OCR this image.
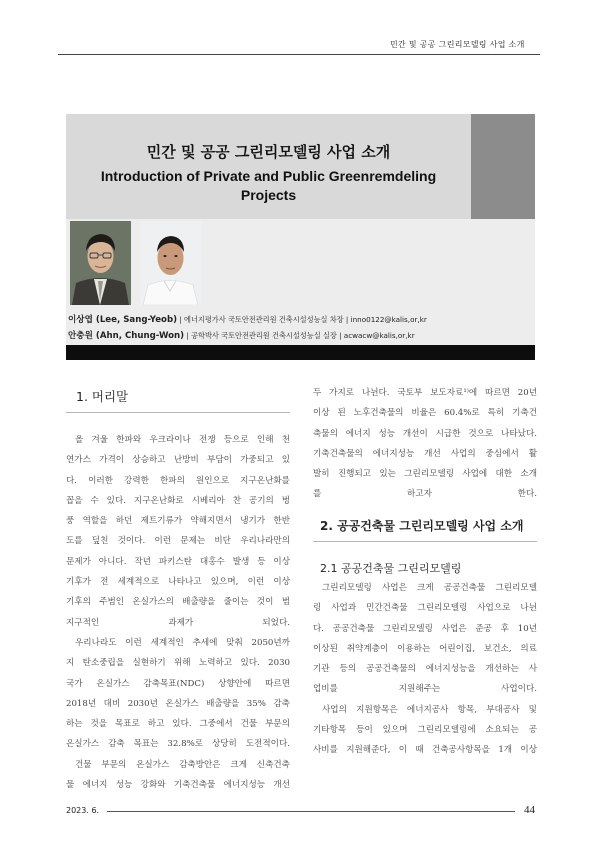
민간 및 공공 그린리모델링 사업 소개
민간 및 공공 그린리모델링 사업 소개
Introduction of Private and Public Greenremdeling
Projects
이상엽 (Lee, Sang-Yeob) | 에너지평가사 국토안전관리원 건축시설성능실 차장 | inno0122@kalis,or,kr
안충원 (Ahn, Chung-Won) | 공학박사 국토안전관리원 건축시설성능실 실장 | acwacw@kalis,or,kr
1. 머리말

올 겨울 한파와 우크라이나 전쟁 등으로 인해 천
연가스 가격이 상승하고 난방비 부담이 가중되고 있
다. 이러한 강력한 한파의 원인으로 지구온난화를
꼽을 수 있다. 지구온난화로 시베리아 찬 공기의 벙
풍 역할을 하던 제트기류가 약해지면서 냉기가 한반
도를 덮친 것이다. 이런 문제는 비단 우리나라만의
문제가 아니다. 작년 파키스탄 대홍수 발생 등 이상
기후가 전 세계적으로 나타나고 있으며, 이런 이상
기후의 주범인 온실가스의 배출량을 줄이는 것이 범
지구적인 과제가 되었다.
우리나라도 이런 세계적인 추세에 맞춰 2050년까
지 탄소중립을 실현하기 위해 노력하고 있다. 2030
국가 온실가스 감축목표(NDC) 상향안에 따르면
2018년 대비 2030년 온실가스 배출량을 35% 감축
하는 것을 목표로 하고 있다. 그중에서 건물 부문의
온실가스 감축 목표는 32.8%로 상당히 도전적이다.
건물 부문의 온실가스 감축방안은 크게 신축건축
물 에너지 성능 강화와 기축건축물 에너지성능 개선

두 가지로 나뉜다. 국토부 보도자료¹⁾에 따르면 20년
이상 된 노후건축물의 비율은 60.4%로 특히 기축건
축물의 에너지 성능 개선이 시급한 것으로 나타났다.
기축건축물의 에너지성능 개선 사업의 중심에서 활
발히 진행되고 있는 그린리모델링 사업에 대한 소개
를 하고자 한다.

2. 공공건축물 그린리모델링 사업 소개
2.1 공공건축물 그린리모델링

그린리모델링 사업은 크게 공공건축물 그린리모델
링 사업과 민간건축물 그린리모델링 사업으로 나뉜
다. 공공건축물 그린리모델링 사업은 준공 후 10년
이상된 취약계층이 이용하는 어린이집, 보건소, 의료
기관 등의 공공건축물의 에너지성능을 개선하는 사
업비를 지원해주는 사업이다.
사업의 지원항목은 에너지공사 항목, 부대공사 및
기타항목 등이 있으며 그린리모델링에 소요되는 공
사비를 지원해준다, 이 때 건축공사항목을 1개 이상

2023. 6.	44
